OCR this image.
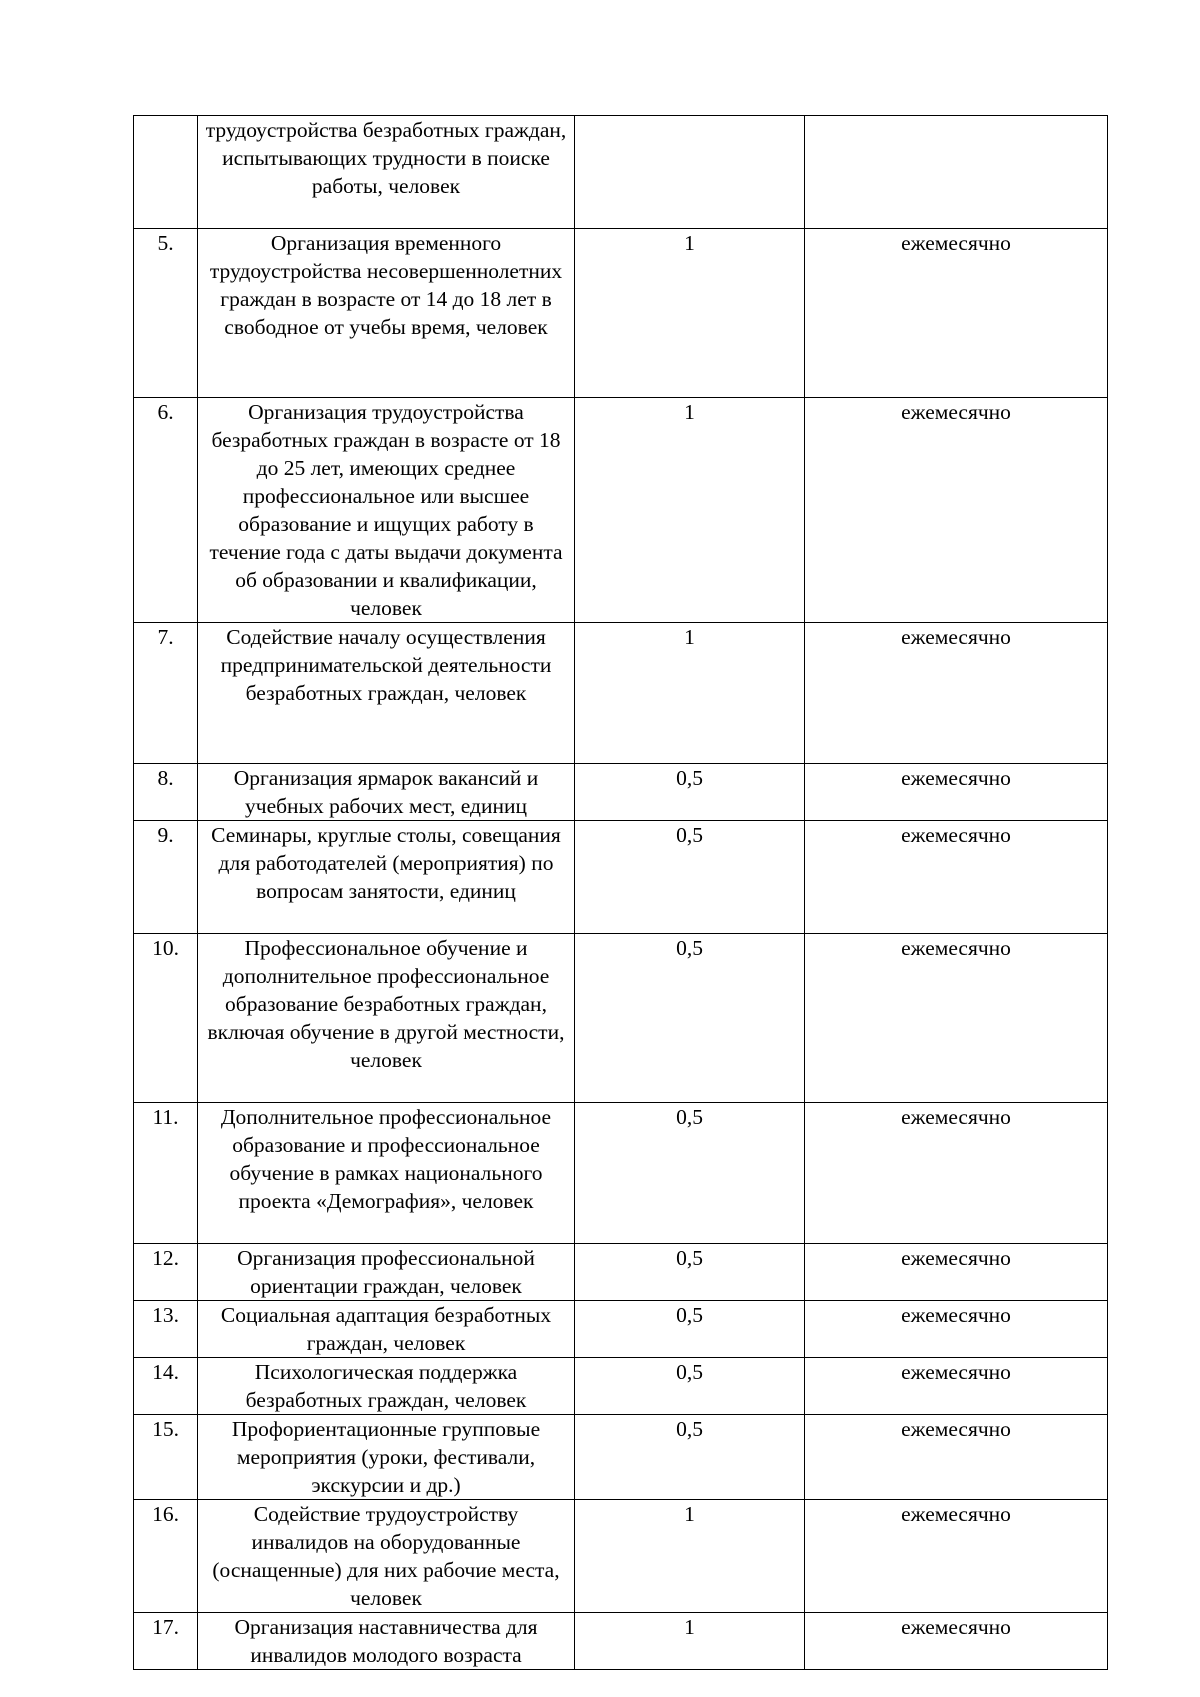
	трудоустройства безработных граждан, испытывающих трудности в поиске работы, человек		
5.	Организация временного трудоустройства несовершеннолетних граждан в возрасте от 14 до 18 лет в свободное от учебы время, человек	1	ежемесячно
6.	Организация трудоустройства безработных граждан в возрасте от 18 до 25 лет, имеющих среднее профессиональное или высшее образование и ищущих работу в течение года с даты выдачи документа об образовании и квалификации, человек	1	ежемесячно
7.	Содействие началу осуществления предпринимательской деятельности безработных граждан, человек	1	ежемесячно
8.	Организация ярмарок вакансий и учебных рабочих мест, единиц	0,5	ежемесячно
9.	Семинары, круглые столы, совещания для работодателей (мероприятия) по вопросам занятости, единиц	0,5	ежемесячно
10.	Профессиональное обучение и дополнительное профессиональное образование безработных граждан, включая обучение в другой местности, человек	0,5	ежемесячно
11.	Дополнительное профессиональное образование и профессиональное обучение в рамках национального проекта «Демография», человек	0,5	ежемесячно
12.	Организация профессиональной ориентации граждан, человек	0,5	ежемесячно
13.	Социальная адаптация безработных граждан, человек	0,5	ежемесячно
14.	Психологическая поддержка безработных граждан, человек	0,5	ежемесячно
15.	Профориентационные групповые мероприятия (уроки, фестивали, экскурсии и др.)	0,5	ежемесячно
16.	Содействие трудоустройству инвалидов на оборудованные (оснащенные) для них рабочие места, человек	1	ежемесячно
17.	Организация наставничества для инвалидов молодого возраста	1	ежемесячно
